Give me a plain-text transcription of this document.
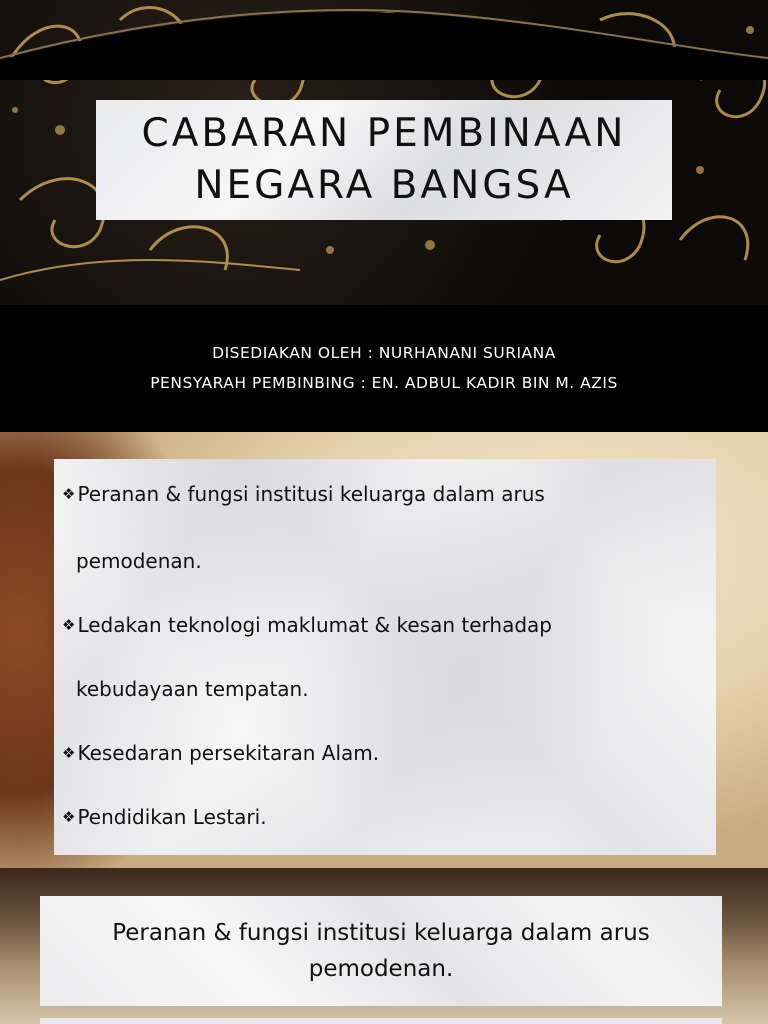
CABARAN PEMBINAAN
NEGARA BANGSA
DISEDIAKAN OLEH : NURHANANI SURIANA
PENSYARAH PEMBINBING : EN. ADBUL KADIR BIN M. AZIS
❖ Peranan & fungsi institusi keluarga dalam arus
pemodenan.
❖ Ledakan teknologi maklumat & kesan terhadap
kebudayaan tempatan.
❖ Kesedaran persekitaran Alam.
❖ Pendidikan Lestari.
Peranan & fungsi institusi keluarga dalam arus
pemodenan.
